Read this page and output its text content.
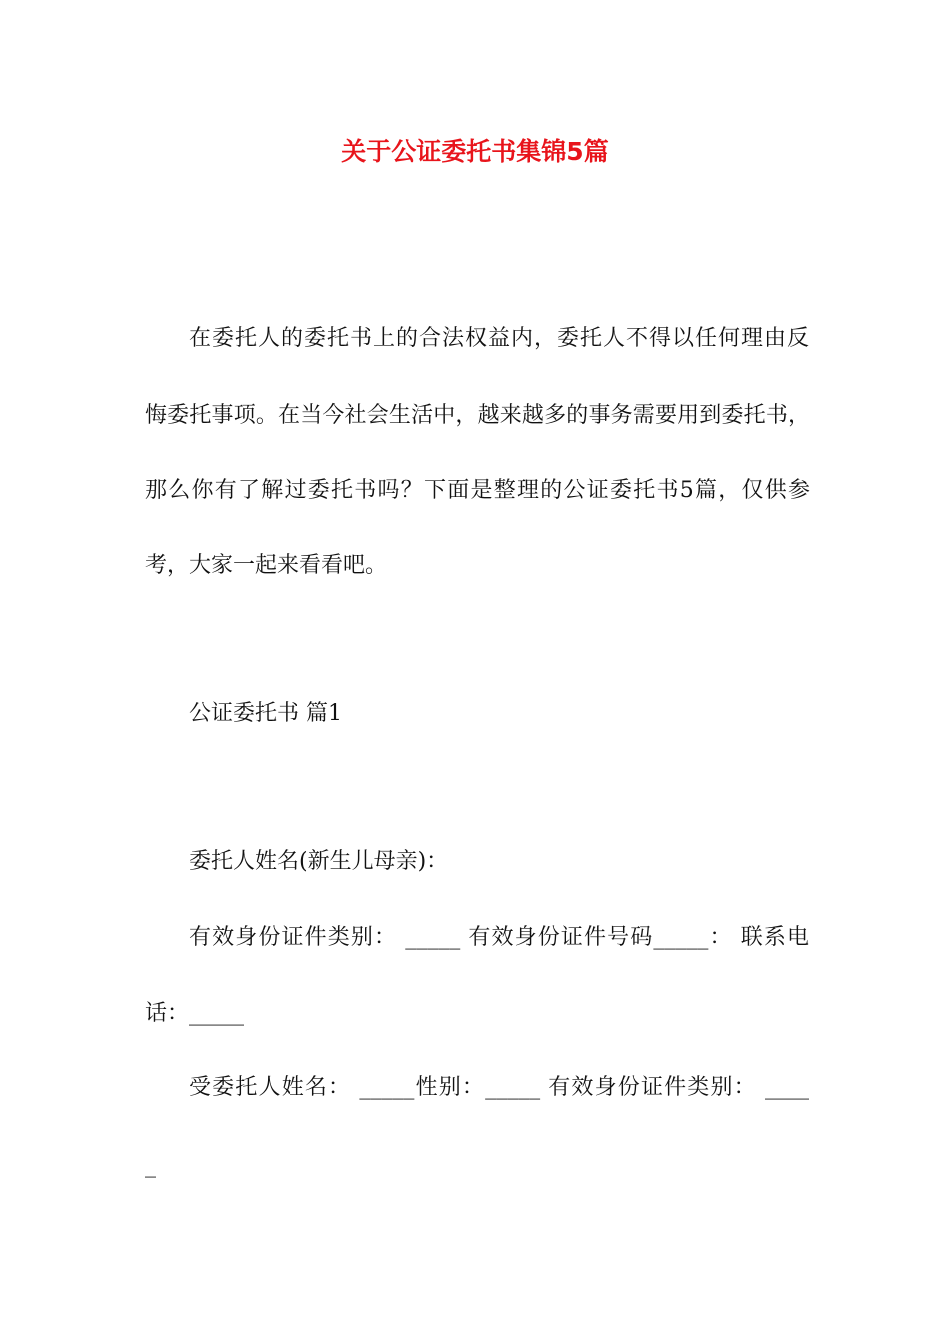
关于公证委托书集锦5篇

在委托人的委托书上的合法权益内，委托人不得以任何理由反

悔委托事项。在当今社会生活中，越来越多的事务需要用到委托书，

那么你有了解过委托书吗？下面是整理的公证委托书5篇，仅供参

考，大家一起来看看吧。

公证委托书 篇1

委托人姓名(新生儿母亲)：

有效身份证件类别： _____ 有效身份证件号码_____： 联系电

话：_____

受委托人姓名： _____性别：_____ 有效身份证件类别： ____

_
